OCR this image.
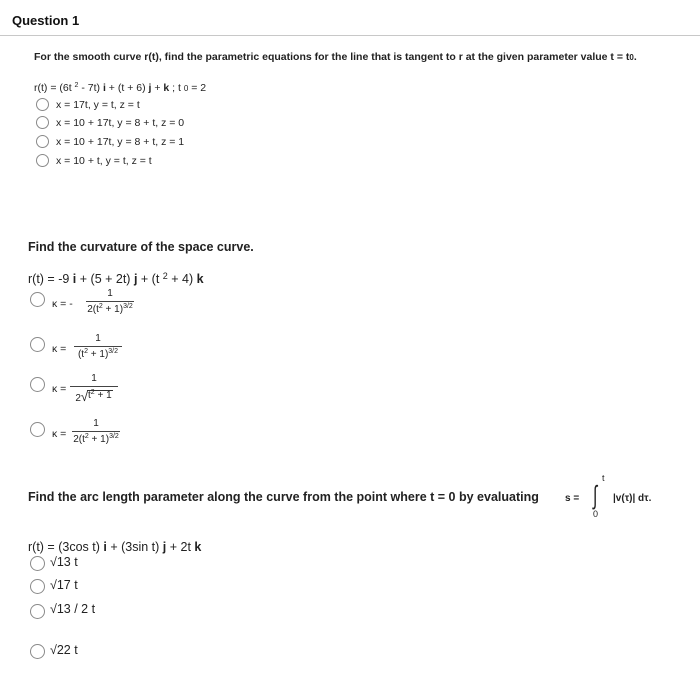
Question 1
For the smooth curve r(t), find the parametric equations for the line that is tangent to r at the given parameter value t = t0.
r(t) = (6t $^2$ - 7t) i + (t + 6) j + k ; t 0 = 2
x = 17t, y = t, z = t
x = 10 + 17t, y = 8 + t, z = 0
x = 10 + 17t, y = 8 + t, z = 1
x = 10 + t, y = t, z = t
Find the curvature of the space curve.
r(t) = -9 i + (5 + 2t) j + (t $^2$ + 4) k
κ = - $\frac{1}{2(t^2 + 1)^{3/2}}$
$\kappa = \frac{1}{(t^2 + 1)^{3/2}}$
$\kappa = \frac{1}{2 √ t^2 + 1}$
$\kappa = \frac{1}{2(t^2 + 1)^{3/2}}$
Find the arc length parameter along the curve from the point where t = 0 by evaluating	s = ∫
t
0
|v(τ)| dτ.
r(t) = (3cos t) i + (3sin t) j + 2t k
√13 t
√17 t
√13 / 2 t
√22 t
